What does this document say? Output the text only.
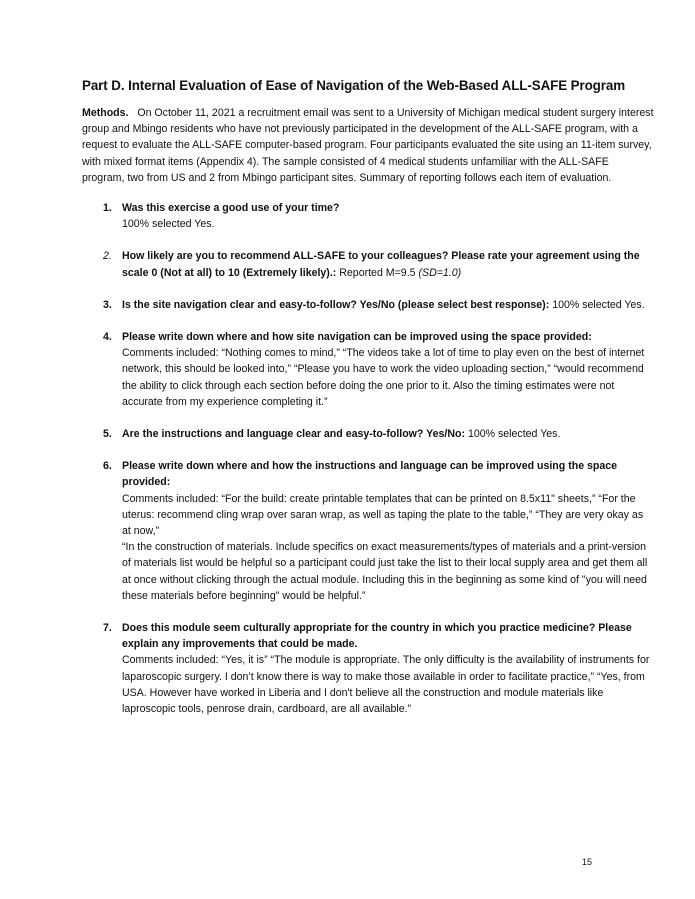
Part D. Internal Evaluation of Ease of Navigation of the Web-Based ALL-SAFE Program

Methods. On October 11, 2021 a recruitment email was sent to a University of Michigan medical student surgery interest group and Mbingo residents who have not previously participated in the development of the ALL-SAFE program, with a request to evaluate the ALL-SAFE computer-based program. Four participants evaluated the site using an 11-item survey, with mixed format items (Appendix 4). The sample consisted of 4 medical students unfamiliar with the ALL-SAFE program, two from US and 2 from Mbingo participant sites. Summary of reporting follows each item of evaluation.

1. Was this exercise a good use of your time?
100% selected Yes.
2. How likely are you to recommend ALL-SAFE to your colleagues? Please rate your agreement using the scale 0 (Not at all) to 10 (Extremely likely).: Reported M=9.5 (SD=1.0)
3. Is the site navigation clear and easy-to-follow? Yes/No (please select best response): 100% selected Yes.
4. Please write down where and how site navigation can be improved using the space provided:
Comments included: “Nothing comes to mind,” “The videos take a lot of time to play even on the best of internet network, this should be looked into,” “Please you have to work the video uploading section,” “would recommend the ability to click through each section before doing the one prior to it. Also the timing estimates were not accurate from my experience completing it.”
5. Are the instructions and language clear and easy-to-follow? Yes/No: 100% selected Yes.
6. Please write down where and how the instructions and language can be improved using the space provided:
Comments included: “For the build: create printable templates that can be printed on 8.5x11" sheets,” “For the uterus: recommend cling wrap over saran wrap, as well as taping the plate to the table,” “They are very okay as at now,”
“In the construction of materials. Include specifics on exact measurements/types of materials and a print-version of materials list would be helpful so a participant could just take the list to their local supply area and get them all at once without clicking through the actual module. Including this in the beginning as some kind of "you will need these materials before beginning" would be helpful.”
7. Does this module seem culturally appropriate for the country in which you practice medicine? Please explain any improvements that could be made.
Comments included: “Yes, it is” “The module is appropriate. The only difficulty is the availability of instruments for laparoscopic surgery. I don’t know there is way to make those available in order to facilitate practice,” “Yes, from USA. However have worked in Liberia and I don't believe all the construction and module materials like laproscopic tools, penrose drain, cardboard, are all available.”
15
